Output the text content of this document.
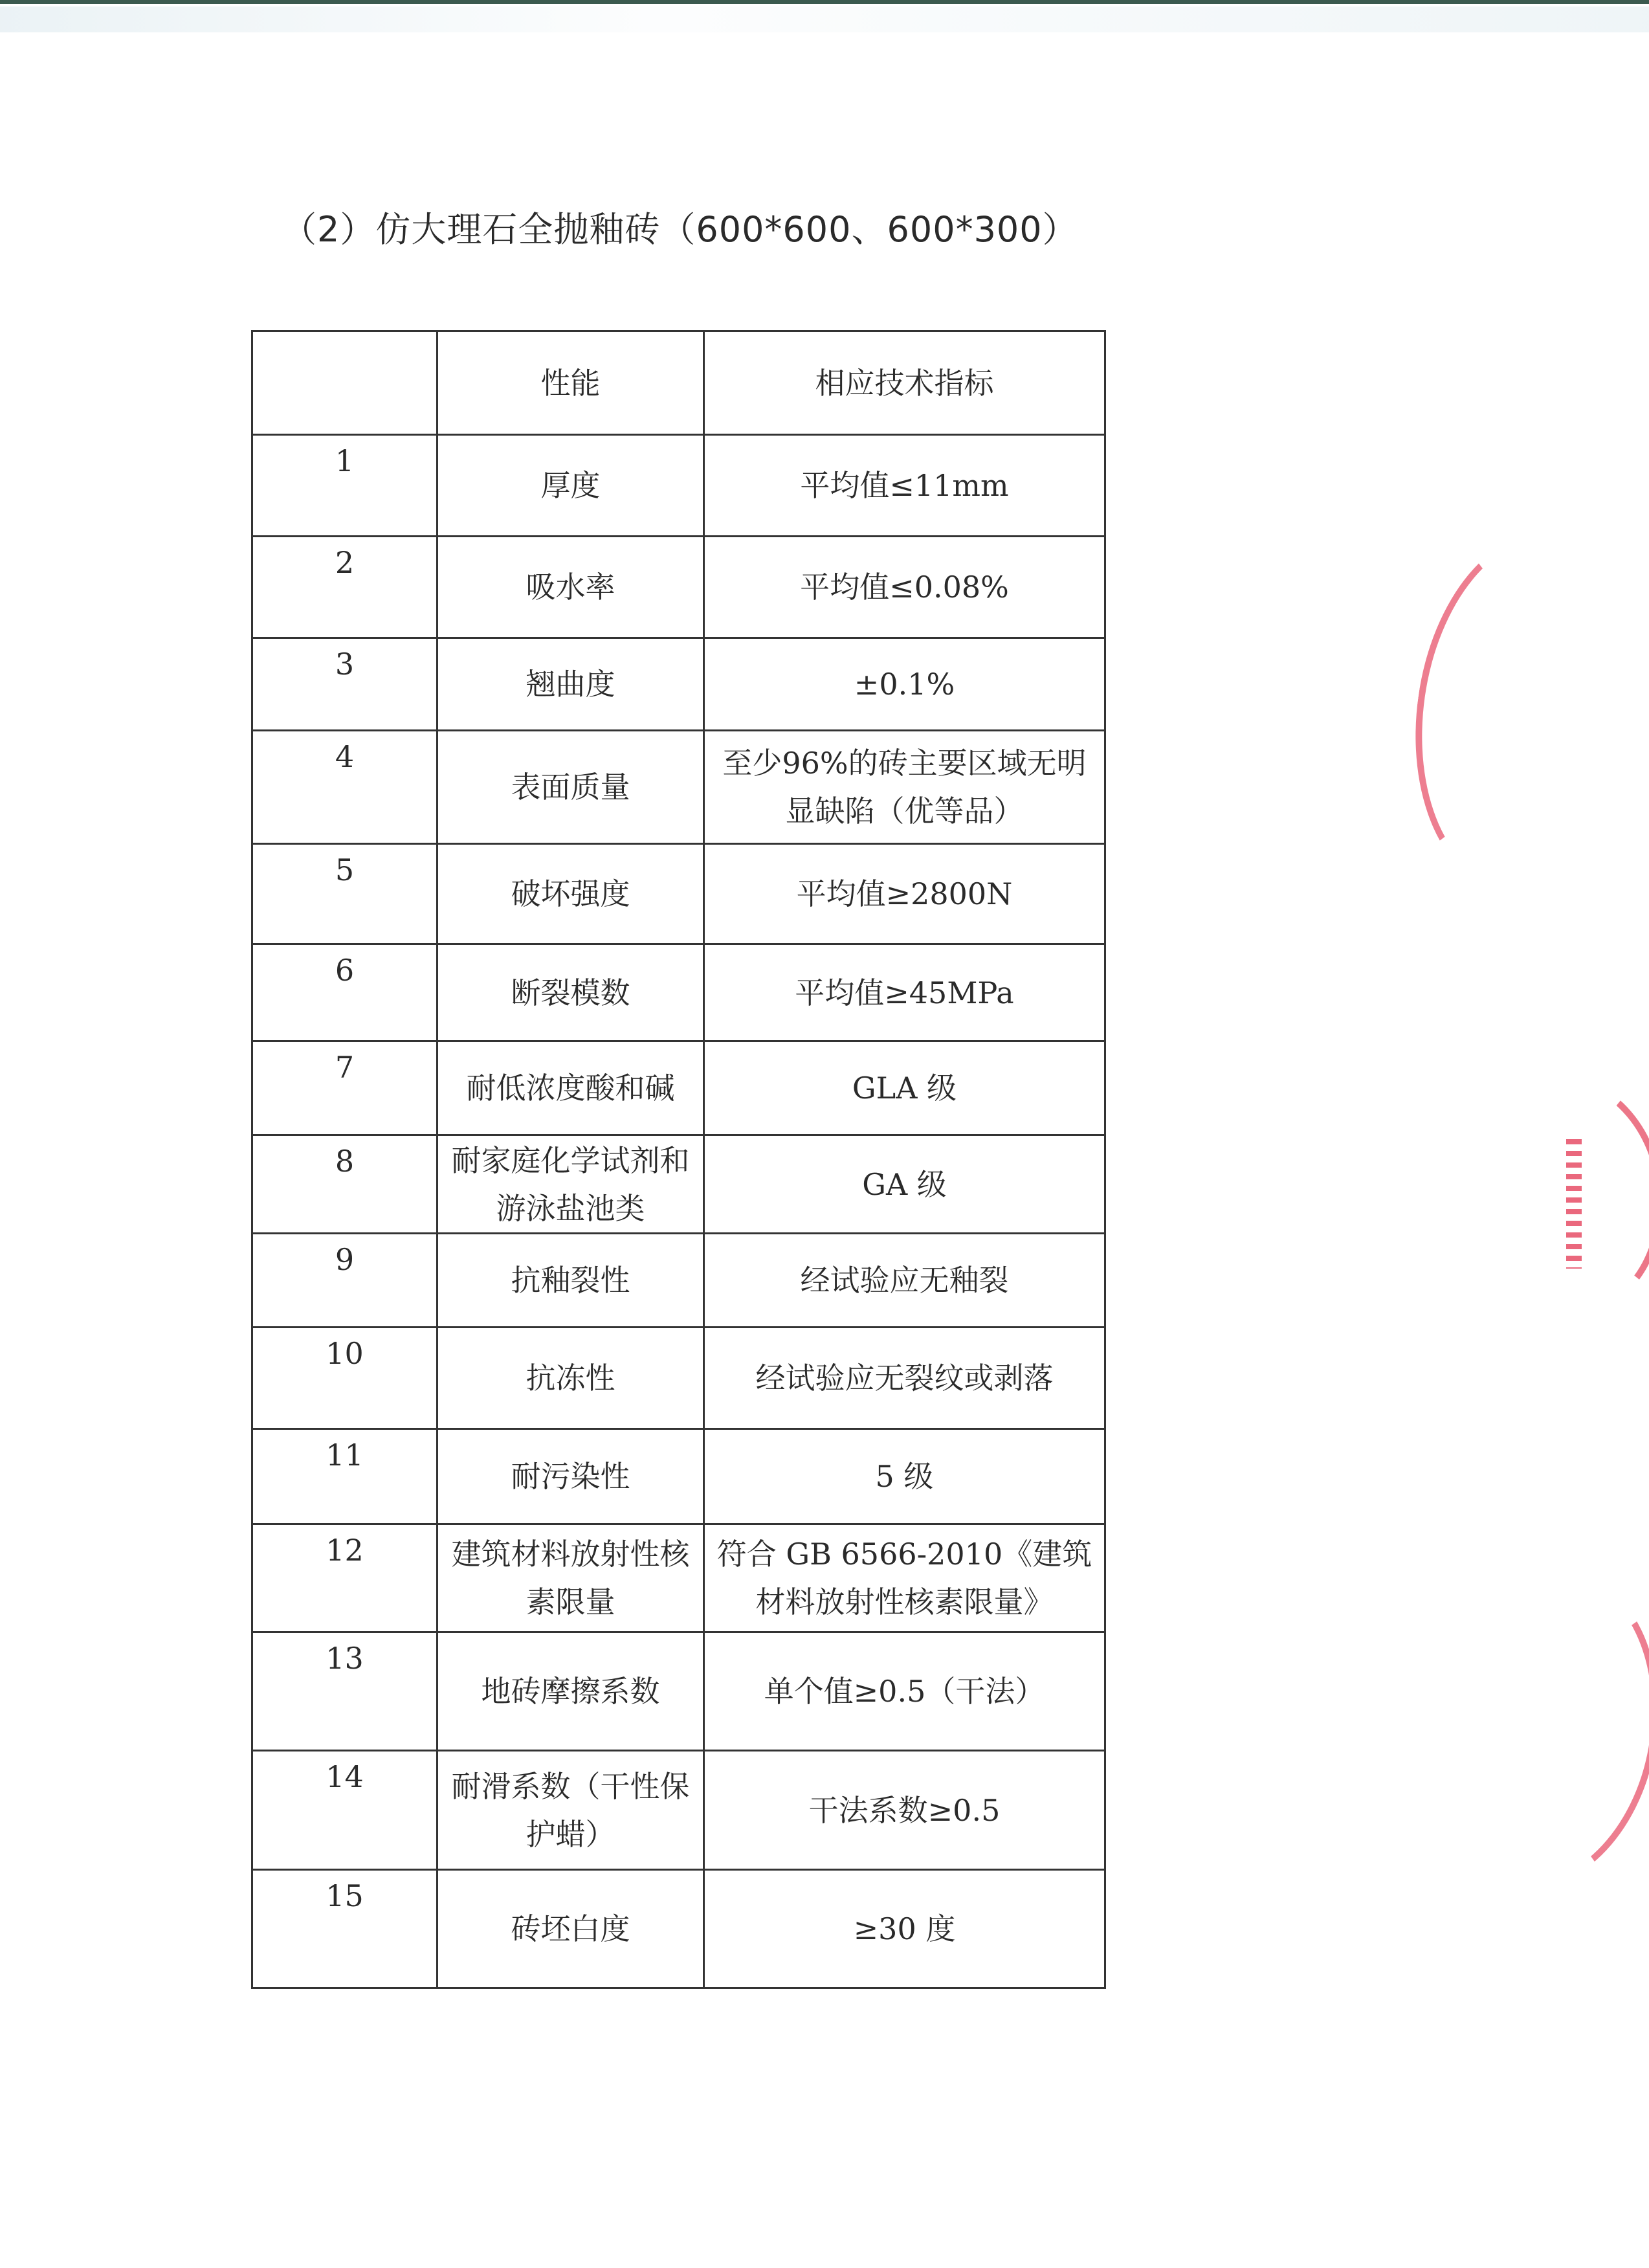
（2）仿大理石全抛釉砖（600*600、600*300）
	性能	相应技术指标
1	厚度	平均值≤11mm
2	吸水率	平均值≤0.08%
3	翘曲度	±0.1%
4	表面质量	至少96%的砖主要区域无明显缺陷（优等品）
5	破坏强度	平均值≥2800N
6	断裂模数	平均值≥45MPa
7	耐低浓度酸和碱	GLA 级
8	耐家庭化学试剂和游泳盐池类	GA 级
9	抗釉裂性	经试验应无釉裂
10	抗冻性	经试验应无裂纹或剥落
11	耐污染性	5 级
12	建筑材料放射性核素限量	符合 GB 6566-2010《建筑材料放射性核素限量》
13	地砖摩擦系数	单个值≥0.5（干法）
14	耐滑系数（干性保护蜡）	干法系数≥0.5
15	砖坯白度	≥30 度
